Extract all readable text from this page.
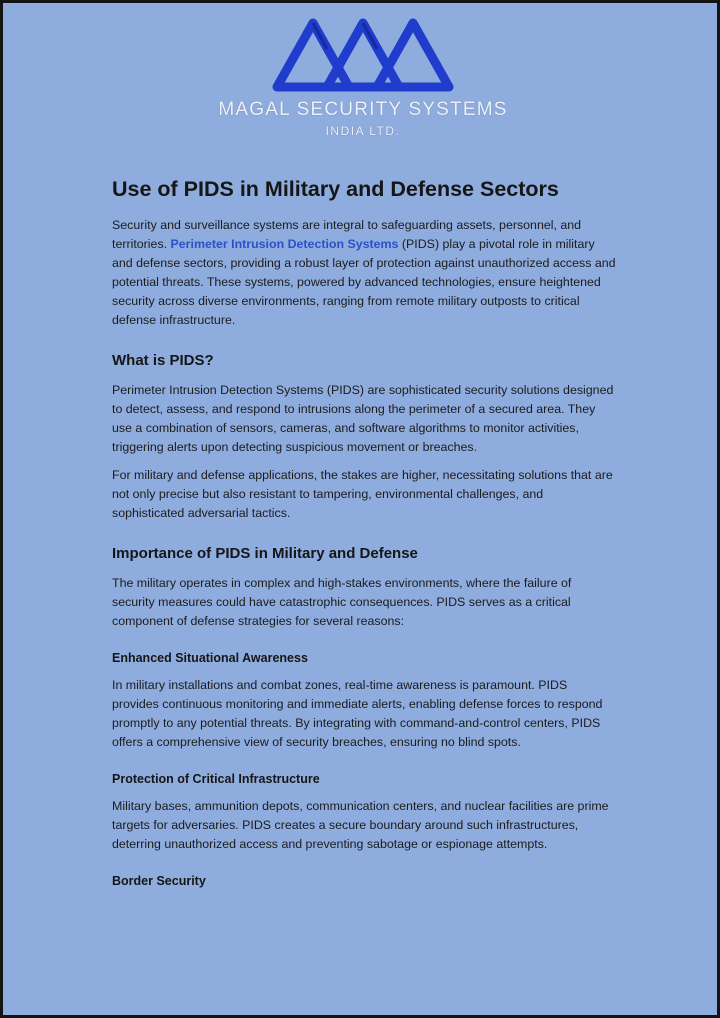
MAGAL SECURITY SYSTEMS
INDIA LTD.
Use of PIDS in Military and Defense Sectors

Security and surveillance systems are integral to safeguarding assets, personnel, and territories. Perimeter Intrusion Detection Systems (PIDS) play a pivotal role in military and defense sectors, providing a robust layer of protection against unauthorized access and potential threats. These systems, powered by advanced technologies, ensure heightened security across diverse environments, ranging from remote military outposts to critical defense infrastructure.

What is PIDS?

Perimeter Intrusion Detection Systems (PIDS) are sophisticated security solutions designed to detect, assess, and respond to intrusions along the perimeter of a secured area. They use a combination of sensors, cameras, and software algorithms to monitor activities, triggering alerts upon detecting suspicious movement or breaches.

For military and defense applications, the stakes are higher, necessitating solutions that are not only precise but also resistant to tampering, environmental challenges, and sophisticated adversarial tactics.

Importance of PIDS in Military and Defense

The military operates in complex and high-stakes environments, where the failure of security measures could have catastrophic consequences. PIDS serves as a critical component of defense strategies for several reasons:

Enhanced Situational Awareness

In military installations and combat zones, real-time awareness is paramount. PIDS provides continuous monitoring and immediate alerts, enabling defense forces to respond promptly to any potential threats. By integrating with command-and-control centers, PIDS offers a comprehensive view of security breaches, ensuring no blind spots.

Protection of Critical Infrastructure

Military bases, ammunition depots, communication centers, and nuclear facilities are prime targets for adversaries. PIDS creates a secure boundary around such infrastructures, deterring unauthorized access and preventing sabotage or espionage attempts.

Border Security
